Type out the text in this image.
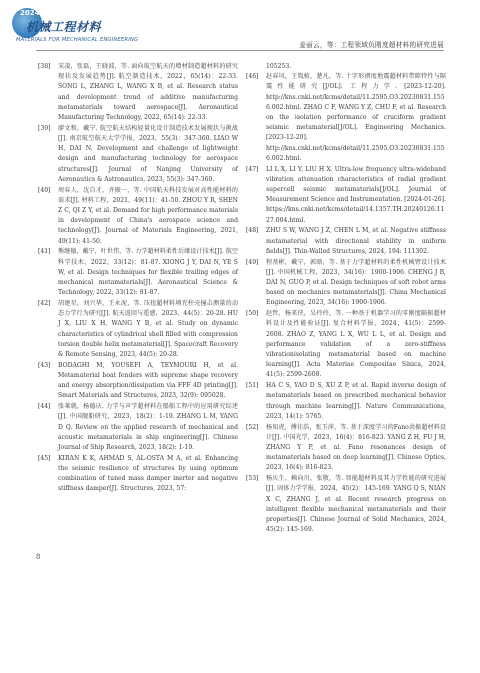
2024
机械工程材料
MATERIALS FOR MECHANICAL ENGINEERING
姜丽云，等：工程领域负刚度超材料的研究进展
[38] 宋凌，张磊，王晓波，等. 面向航空航天的增材制造超材料的研究现状及发展趋势[J]. 航空制造技术，2022，65(14)：22-33. SONG L, ZHANG L, WANG X B, et al. Research status and development trend of additive manufacturing metamaterials toward aerospace[J]. Aeronautical Manufacturing Technology, 2022, 65(14): 22-33.
[39] 廖文和，戴宁. 航空航天结构轻量化设计制造技术发展现状与挑战[J]. 南京航空航天大学学报，2023，55(3)：347-360. LIAO W H, DAI N. Development and challenge of lightweight design and manufacturing technology for aerospace structures[J]. Journal of Nanjing University of Aeronautics & Astronautics, 2023, 55(3): 347-360.
[40] 周春人，沈自才，齐振一，等. 中国航天科技发展对高性能材料的需求[J]. 材料工程，2021，49(11)：41-50. ZHOU Y R, SHEN Z C, QI Z Y, et al. Demand for high performance materials in development of China's aerospace science and technology[J]. Journal of Materials Engineering, 2021, 49(11): 41-50.
[41] 熊继德，戴宁，叶世伟，等. 力学超材料柔性后缘设计技术[J]. 航空科学技术，2022，33(12)：81-87. XIONG J Y, DAI N, YE S W, et al. Design techniques for flexible trailing edges of mechanical metamaterials[J]. Aeronautical Science & Technology, 2022, 33(12): 81-87.
[42] 胡建星，刘兴华，王永泥，等. 压扭超材料填充柱壳撞击测量的动态力学行为研究[J]. 航天返回与遥感，2023，44(5)：20-28. HU J X, LIU X H, WANG Y B, et al. Study on dynamic characteristics of cylindrical shell filled with compression torsion double helix metamaterial[J]. Spacecraft Recovery & Remote Sensing, 2023, 44(5): 20-28.
[43] BODAGHI M, YOUSEFI A, TEYMOURI H, et al. Metamaterial boat fenders with supreme shape recovery and energy absorption/dissipation via FFF 4D printing[J]. Smart Materials and Structures, 2023, 32(9): 095028.
[44] 张莱就，杨德庆. 力学与声学超材料在船舶工程中的应用研究综述[J]. 中国舰船研究，2023，18(2)：1-19. ZHANG L M, YANG D Q. Review on the applied research of mechanical and acoustic metamaterials in ship engineering[J]. Chinese Journal of Ship Research, 2023, 18(2): 1-19.
[45] KIRAN K K, AHMAD S, AL-OSTA M A, et al. Enhancing the seismic resilience of structures by using optimum combination of tuned mass damper inerter and negative stiffness damper[J]. Structures, 2023, 57:
105253.
[46] 赵春风，王胤植，楚凡，等. 十字形褶度地震超材料带隙特性与隔震性能研究[J/OL]. 工程力学. [2023-12-20]. http://kns.cnki.net/kcms/detail/11.2595.O3.20230831.1556.002.html. ZHAO C F, WANG Y Z, CHU F, et al. Research on the isolation performance of cruciform gradient seismic metamaterial[J/OL]. Engineering Mechanics. [2023-12-20]. http://kns.cnki.net/kcms/detail/11.2595.O3.20230831.1556.002.html.
[47] LI L X, LI Y, LIU H X. Ultra-low frequency ultra-wideband vibration attenuation characteristics of radial gradient supercell seismic metamaterials[J/OL]. Journal of Measurement Science and Instrumentation. [2024-01-26]. https://kns.cnki.net/kcms/detail/14.1357.TH.20240126.1127.004.html.
[48] ZHU S W, WANG J Z, CHEN L M, et al. Negative stiffness metamaterial with directional stability in uniform fields[J]. Thin-Walled Structures, 2024, 194: 111302.
[49] 程基彬，戴宁，郭晗，等. 基于力学超材料的柔性机械臂设计技术[J]. 中国机械工程，2023，34(16)：1900-1906. CHENG J B, DAI N, GUO P, et al. Design techniques of soft robot arms based on mechanics metamaterials[J]. China Mechanical Engineering, 2023, 34(16): 1900-1906.
[50] 赵哲，杨来侠，吴玲玲，等. 一种基于机器学习的零刚度隔振超材料设计及性能验证[J]. 复合材料学报，2024，41(5)：2599-2608. ZHAO Z, YANG L X, WU L L, et al. Design and performance validation of a zero-stiffness vibrationisolating metamaterial based on machine learning[J]. Acta Materiae Compositae Sinica, 2024, 41(5): 2599-2608.
[51] HA C S, YAO D S, XU Z P, et al. Rapid inverse design of metamaterials based on prescribed mechanical behavior through machine learning[J]. Nature Communications, 2023, 14(1): 5765.
[52] 杨知虎，傅佳浩，张玉萍，等. 基于深度学习的Fano共振超材料设计[J]. 中国光学，2023，16(4)：816-823. YANG Z H, FU J H, ZHANG Y P, et al. Fano resonances design of metamaterials based on deep learning[J]. Chinese Optics, 2023, 16(4): 816-823.
[53] 杨庆生，赖向川，张敬，等. 智能超材料及其力学性能的研究进展[J]. 固体力学学报，2024，45(2)：145-169. YANG Q S, NIAN X C, ZHANG J, et al. Recent research progress on intelligent flexible mechanical metamaterials and their properties[J]. Chinese Journal of Solid Mechanics, 2024, 45(2): 145-169.
8
